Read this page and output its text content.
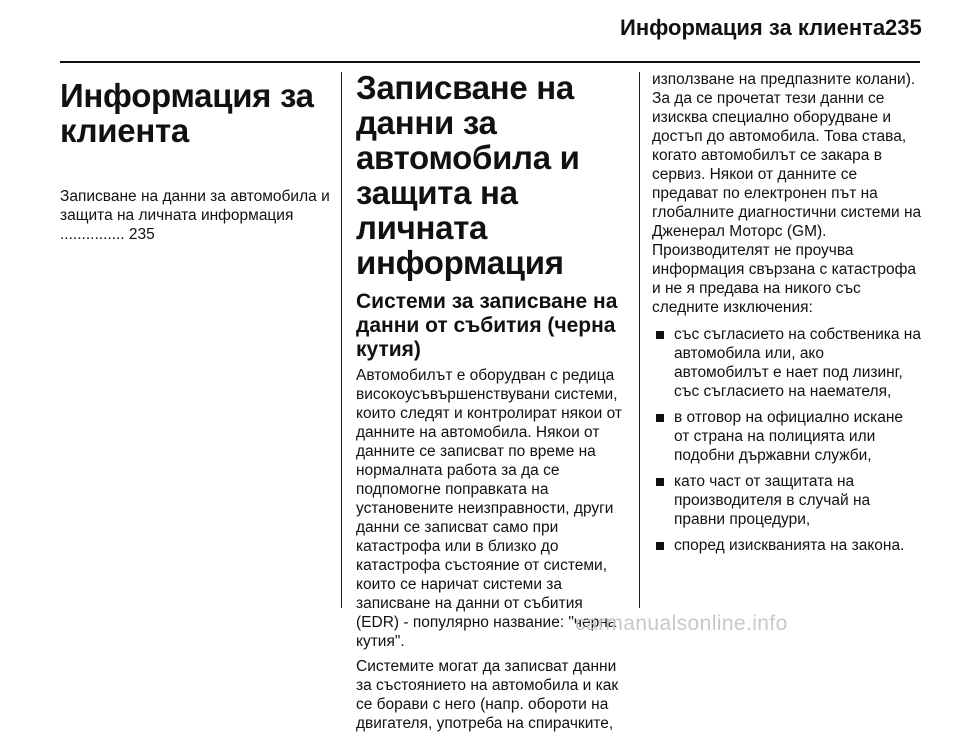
Информация за клиента 235
Информация за клиента
Записване на данни за автомобила и защита на личната информация ............... 235
Записване на данни за автомобила и защита на личната информация
Системи за записване на данни от събития (черна кутия)

Автомобилът е оборудван с редица високоусъвършенствувани системи, които следят и контролират някои от данните на автомобила. Някои от данните се записват по време на нормалната работа за да се подпомогне поправката на установените неизправности, други данни се записват само при катастрофа или в близко до катастрофа състояние от системи, които се наричат системи за записване на данни от събития (EDR) - популярно название: "черна кутия".

Системите могат да записват данни за състоянието на автомобила и как се борави с него (напр. обороти на двигателя, употреба на спирачките,

използване на предпазните колани). За да се прочетат тези данни се изисква специално оборудване и достъп до автомобила. Това става, когато автомобилът се закара в сервиз. Някои от данните се предават по електронен път на глобалните диагностични системи на Дженерал Моторс (GM). Производителят не проучва информация свързана с катастрофа и не я предава на никого със следните изключения:

със съгласието на собственика на автомобила или, ако автомобилът е нает под лизинг, със съгласието на наемателя,
в отговор на официално искане от страна на полицията или подобни държавни служби,
като част от защитата на производителя в случай на правни процедури,
според изискванията на закона.
carmanualsonline.info
